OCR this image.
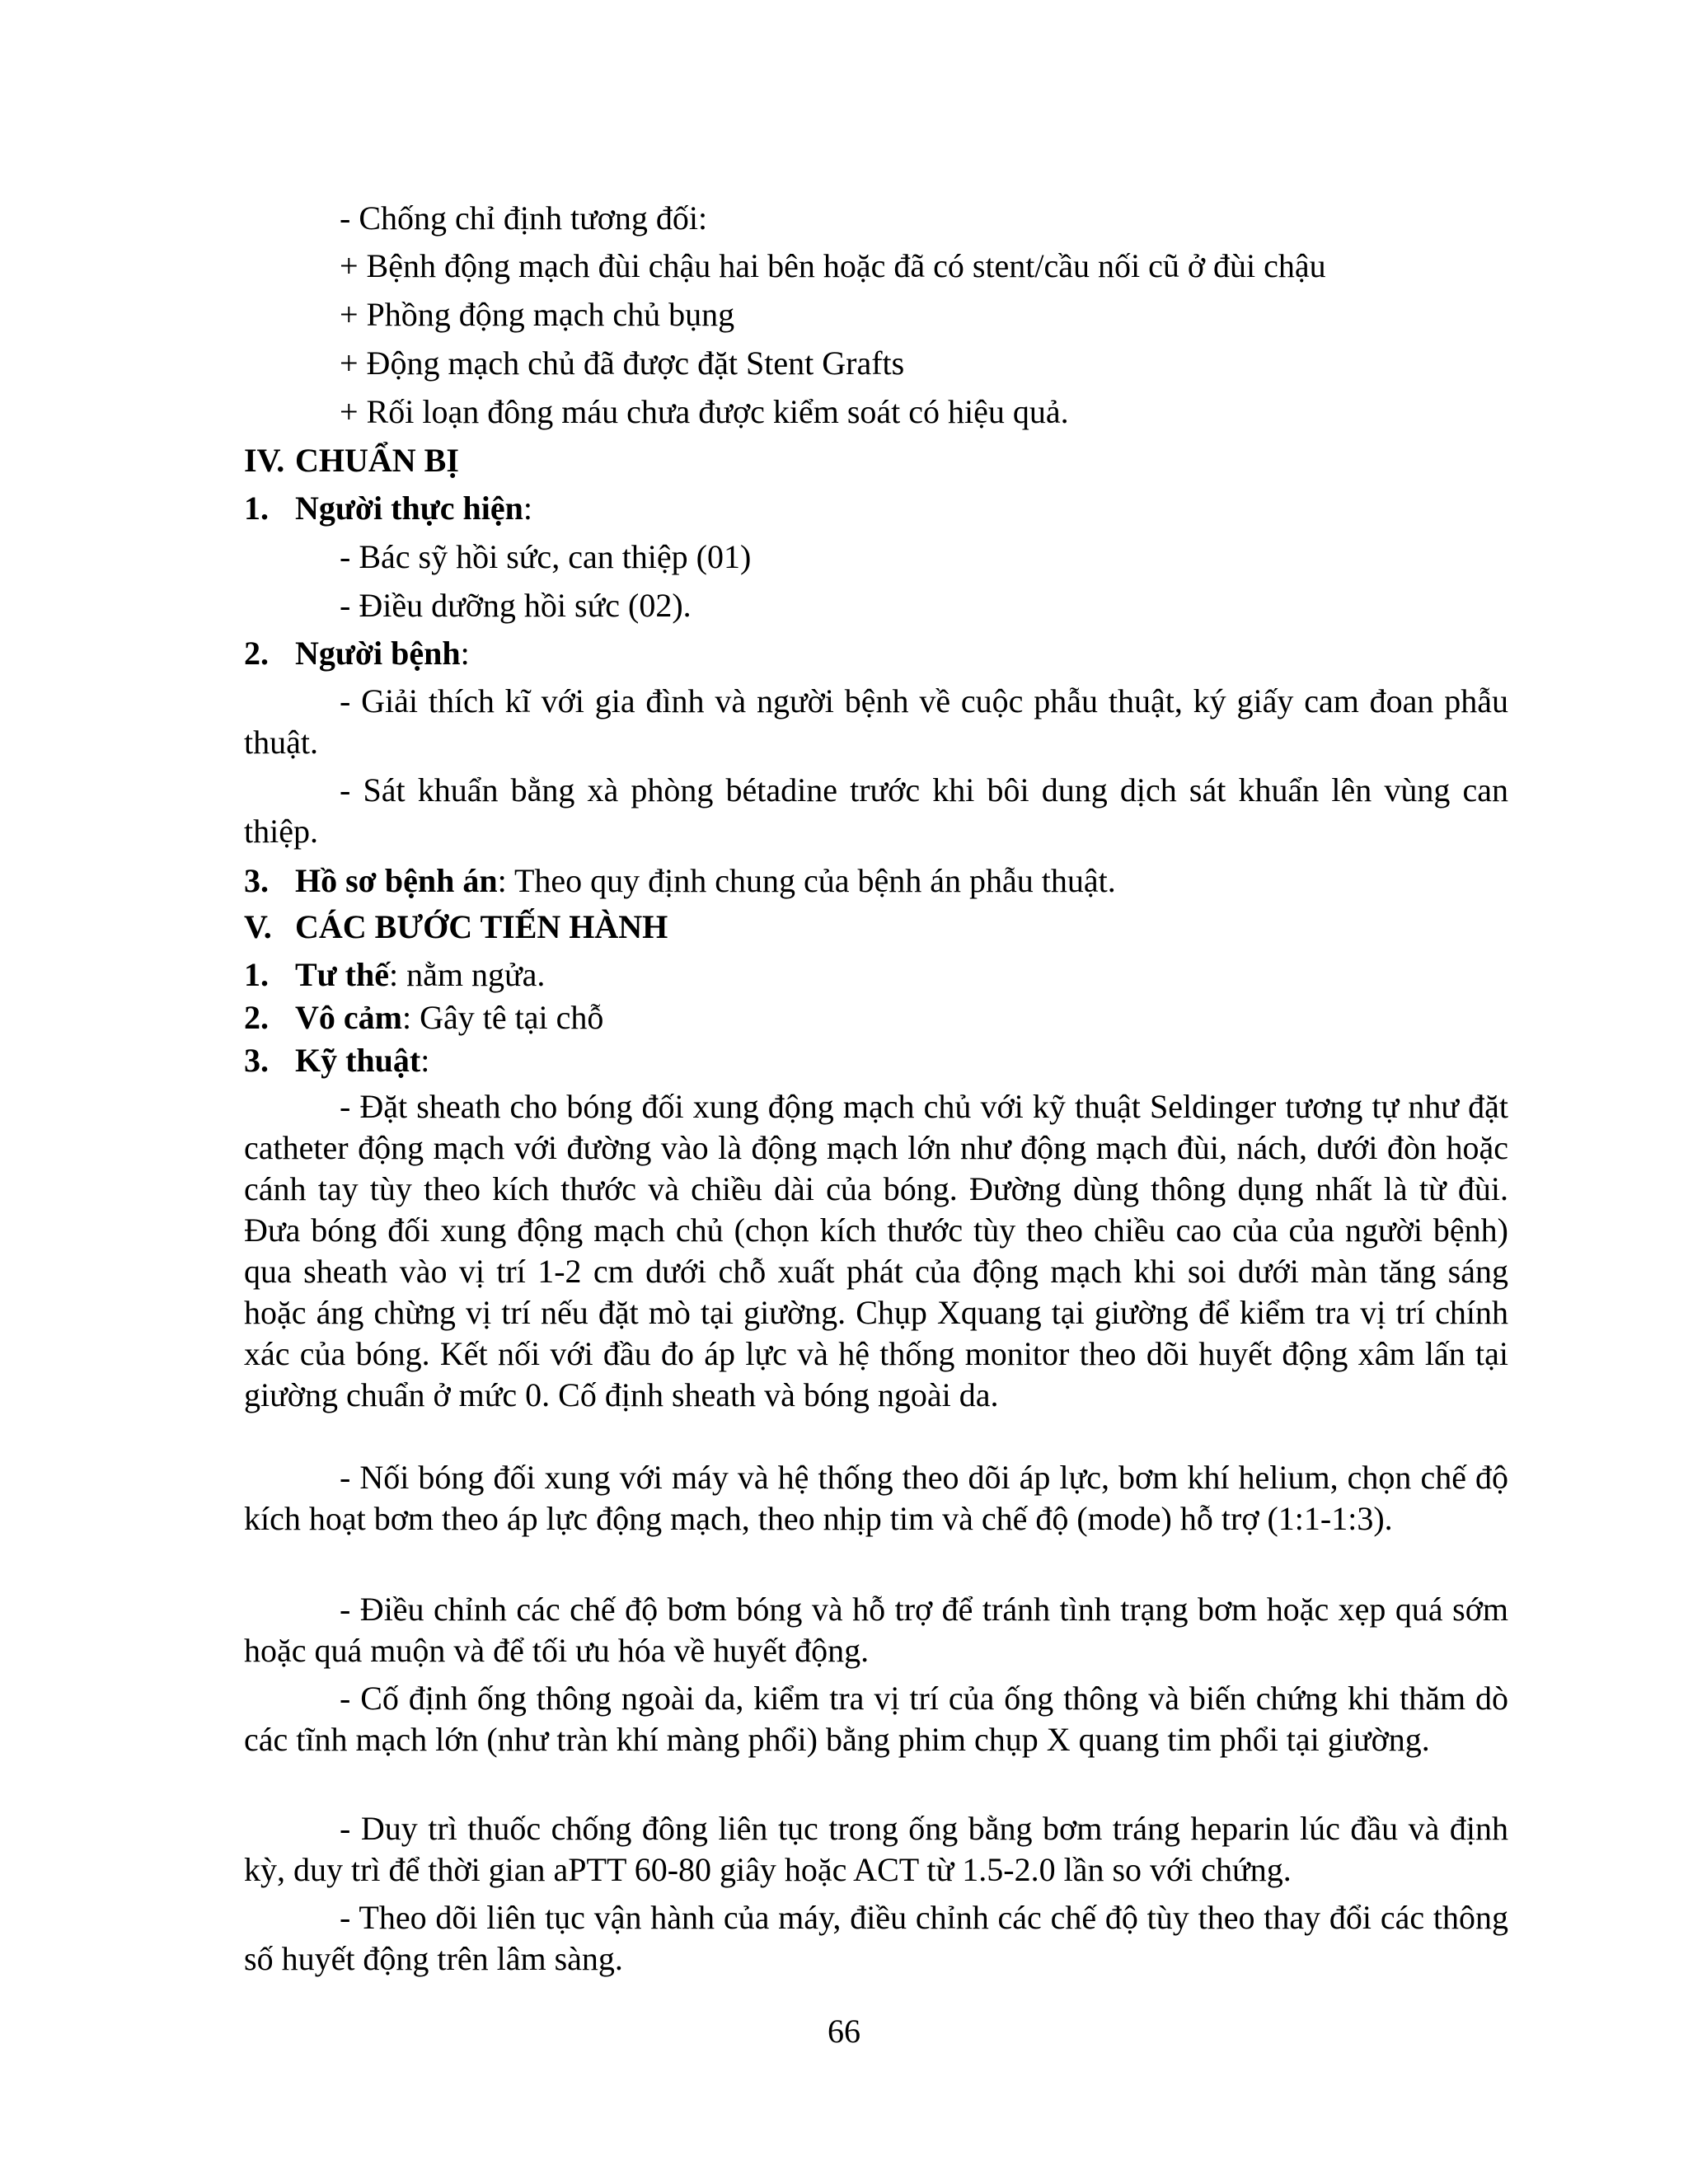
- Chống chỉ định tương đối:

+ Bệnh động mạch đùi chậu hai bên hoặc đã có stent/cầu nối cũ ở đùi chậu

+ Phồng động mạch chủ bụng

+ Động mạch chủ đã được đặt Stent Grafts

+ Rối loạn đông máu chưa được kiểm soát có hiệu quả.

IV. CHUẨN BỊ

1. Người thực hiện:

- Bác sỹ hồi sức, can thiệp (01)

- Điều dưỡng hồi sức (02).

2. Người bệnh:

- Giải thích kĩ với gia đình và người bệnh về cuộc phẫu thuật, ký giấy cam đoan phẫu thuật.

- Sát khuẩn bằng xà phòng bétadine trước khi bôi dung dịch sát khuẩn lên vùng can thiệp.

3. Hồ sơ bệnh án: Theo quy định chung của bệnh án phẫu thuật.

V. CÁC BƯỚC TIẾN HÀNH

1. Tư thế: nằm ngửa.
2. Vô cảm: Gây tê tại chỗ
3. Kỹ thuật:

- Đặt sheath cho bóng đối xung động mạch chủ với kỹ thuật Seldinger tương tự như đặt catheter động mạch với đường vào là động mạch lớn như động mạch đùi, nách, dưới đòn hoặc cánh tay tùy theo kích thước và chiều dài của bóng. Đường dùng thông dụng nhất là từ đùi. Đưa bóng đối xung động mạch chủ (chọn kích thước tùy theo chiều cao của của người bệnh) qua sheath vào vị trí 1-2 cm dưới chỗ xuất phát của động mạch khi soi dưới màn tăng sáng hoặc áng chừng vị trí nếu đặt mò tại giường. Chụp Xquang tại giường để kiểm tra vị trí chính xác của bóng. Kết nối với đầu đo áp lực và hệ thống monitor theo dõi huyết động xâm lấn tại giường chuẩn ở mức 0. Cố định sheath và bóng ngoài da.

- Nối bóng đối xung với máy và hệ thống theo dõi áp lực, bơm khí helium, chọn chế độ kích hoạt bơm theo áp lực động mạch, theo nhịp tim và chế độ (mode) hỗ trợ (1:1-1:3).

- Điều chỉnh các chế độ bơm bóng và hỗ trợ để tránh tình trạng bơm hoặc xẹp quá sớm hoặc quá muộn và để tối ưu hóa về huyết động.

- Cố định ống thông ngoài da, kiểm tra vị trí của ống thông và biến chứng khi thăm dò các tĩnh mạch lớn (như tràn khí màng phổi) bằng phim chụp X quang tim phổi tại giường.

- Duy trì thuốc chống đông liên tục trong ống bằng bơm tráng heparin lúc đầu và định kỳ, duy trì để thời gian aPTT 60-80 giây hoặc ACT từ 1.5-2.0 lần so với chứng.

- Theo dõi liên tục vận hành của máy, điều chỉnh các chế độ tùy theo thay đổi các thông số huyết động trên lâm sàng.

66
